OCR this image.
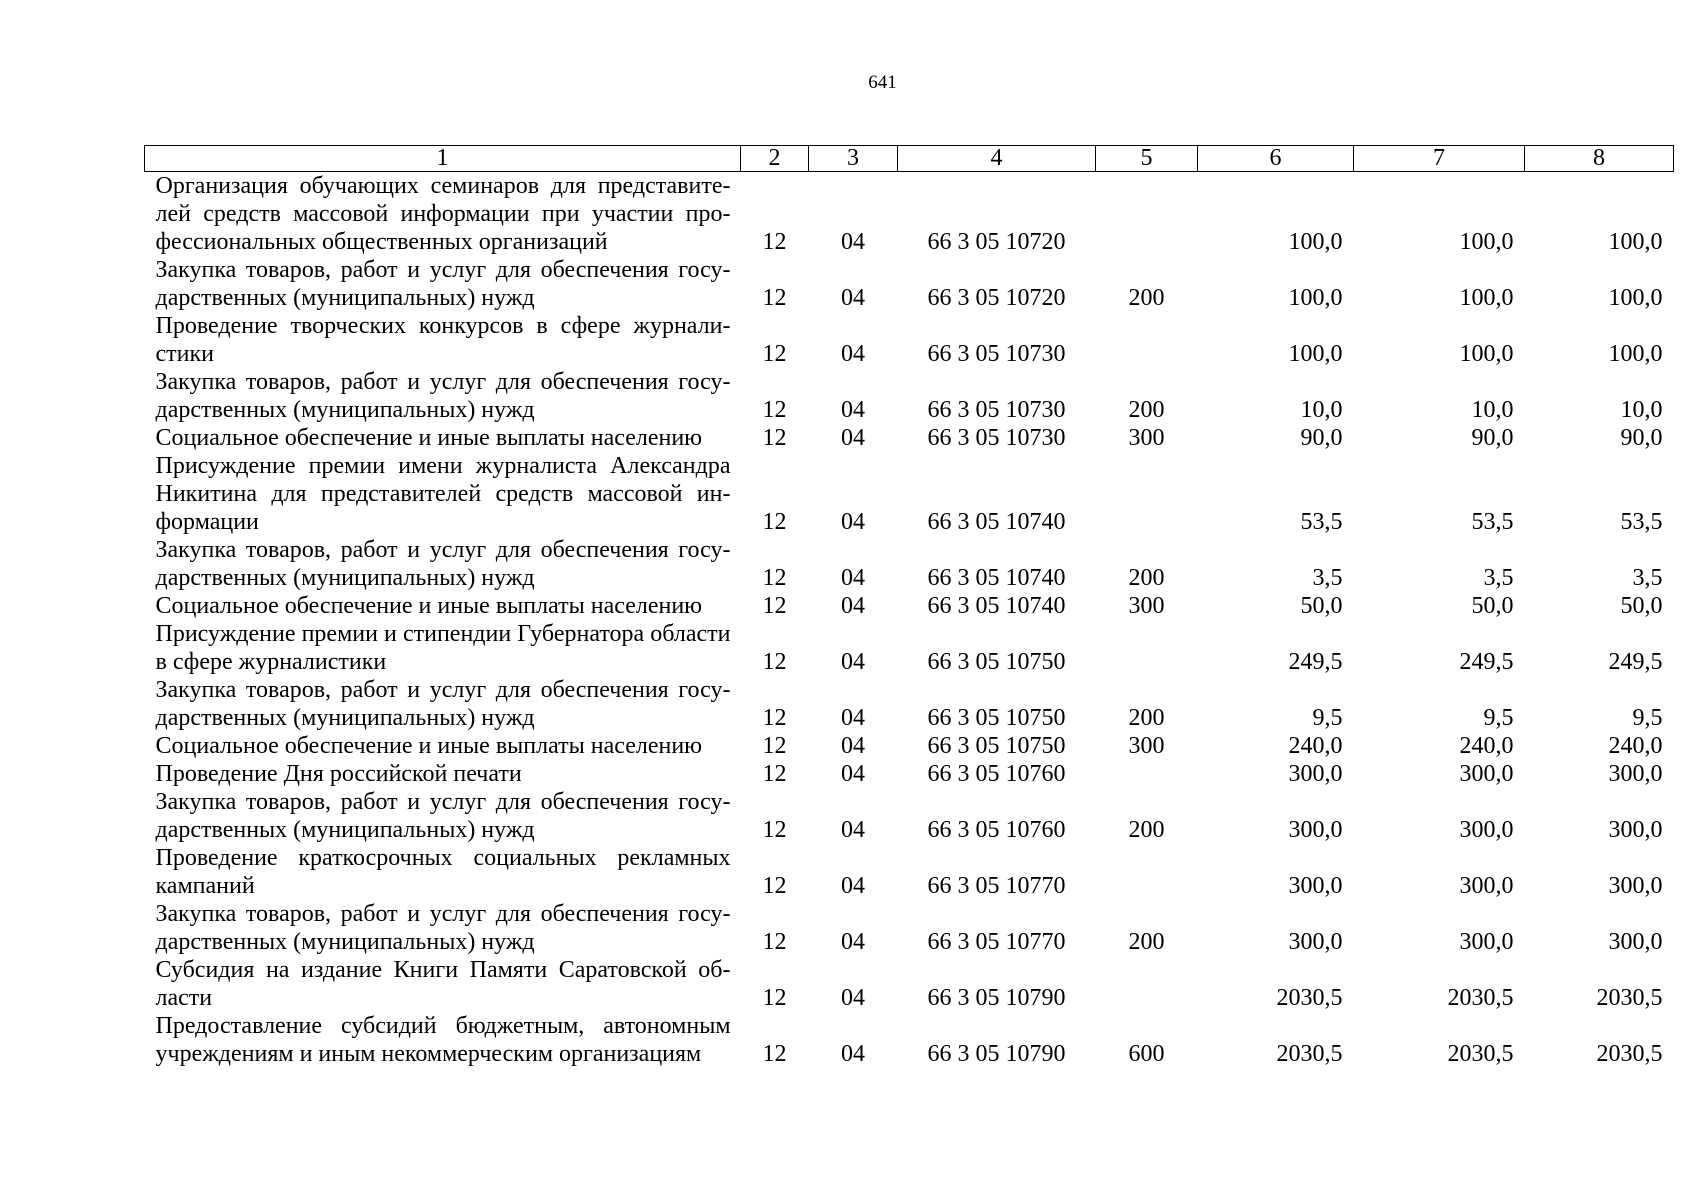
641
1	2	3	4	5	6	7	8
Организация обучающих семинаров для представителей средств массовой информации при участии профессиональных общественных организаций	12	04	66 3 05 10720		100,0	100,0	100,0
Закупка товаров, работ и услуг для обеспечения государственных (муниципальных) нужд	12	04	66 3 05 10720	200	100,0	100,0	100,0
Проведение творческих конкурсов в сфере журналистики	12	04	66 3 05 10730		100,0	100,0	100,0
Закупка товаров, работ и услуг для обеспечения государственных (муниципальных) нужд	12	04	66 3 05 10730	200	10,0	10,0	10,0
Социальное обеспечение и иные выплаты населению	12	04	66 3 05 10730	300	90,0	90,0	90,0
Присуждение премии имени журналиста Александра Никитина для представителей средств массовой информации	12	04	66 3 05 10740		53,5	53,5	53,5
Закупка товаров, работ и услуг для обеспечения государственных (муниципальных) нужд	12	04	66 3 05 10740	200	3,5	3,5	3,5
Социальное обеспечение и иные выплаты населению	12	04	66 3 05 10740	300	50,0	50,0	50,0
Присуждение премии и стипендии Губернатора области в сфере журналистики	12	04	66 3 05 10750		249,5	249,5	249,5
Закупка товаров, работ и услуг для обеспечения государственных (муниципальных) нужд	12	04	66 3 05 10750	200	9,5	9,5	9,5
Социальное обеспечение и иные выплаты населению	12	04	66 3 05 10750	300	240,0	240,0	240,0
Проведение Дня российской печати	12	04	66 3 05 10760		300,0	300,0	300,0
Закупка товаров, работ и услуг для обеспечения государственных (муниципальных) нужд	12	04	66 3 05 10760	200	300,0	300,0	300,0
Проведение краткосрочных социальных рекламных кампаний	12	04	66 3 05 10770		300,0	300,0	300,0
Закупка товаров, работ и услуг для обеспечения государственных (муниципальных) нужд	12	04	66 3 05 10770	200	300,0	300,0	300,0
Субсидия на издание Книги Памяти Саратовской области	12	04	66 3 05 10790		2030,5	2030,5	2030,5
Предоставление субсидий бюджетным, автономным учреждениям и иным некоммерческим организациям	12	04	66 3 05 10790	600	2030,5	2030,5	2030,5
